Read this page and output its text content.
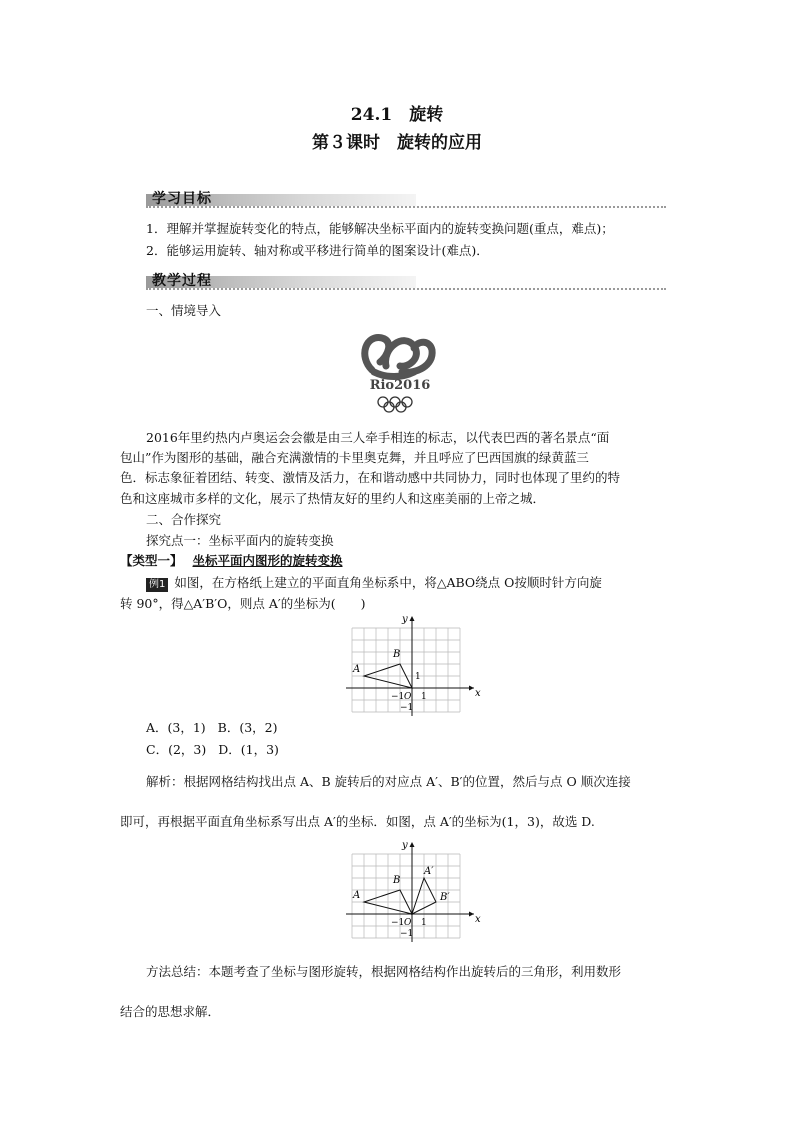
24.1　旋转
第３课时　旋转的应用
学习目标
1．理解并掌握旋转变化的特点，能够解决坐标平面内的旋转变换问题(重点，难点)；
2．能够运用旋转、轴对称或平移进行简单的图案设计(难点)．
教学过程
一、情境导入
Rio2016
2016年里约热内卢奥运会会徽是由三人牵手相连的标志，以代表巴西的著名景点“面
包山”作为图形的基础，融合充满激情的卡里奥克舞，并且呼应了巴西国旗的绿黄蓝三
色．标志象征着团结、转变、激情及活力，在和谐动感中共同协力，同时也体现了里约的特
色和这座城市多样的文化，展示了热情友好的里约人和这座美丽的上帝之城．
二、合作探究
探究点一：坐标平面内的旋转变换
【类型一】 坐标平面内图形的旋转变换
例1 如图，在方格纸上建立的平面直角坐标系中，将△ABO绕点 O按顺时针方向旋
转 90°，得△A′B′O，则点 A′的坐标为(　　)
y
x
A
B
1
−1 O 1
−1
A．(3，1) B．(3，2)
C．(2，3) D．(1，3)
解析：根据网格结构找出点 A、B 旋转后的对应点 A′、B′的位置，然后与点 O 顺次连接
即可，再根据平面直角坐标系写出点 A′的坐标．如图，点 A′的坐标为(1，3)，故选 D.
y
x
A
B
A′
B′
−1 O 1
−1
方法总结：本题考查了坐标与图形旋转，根据网格结构作出旋转后的三角形，利用数形
结合的思想求解．
